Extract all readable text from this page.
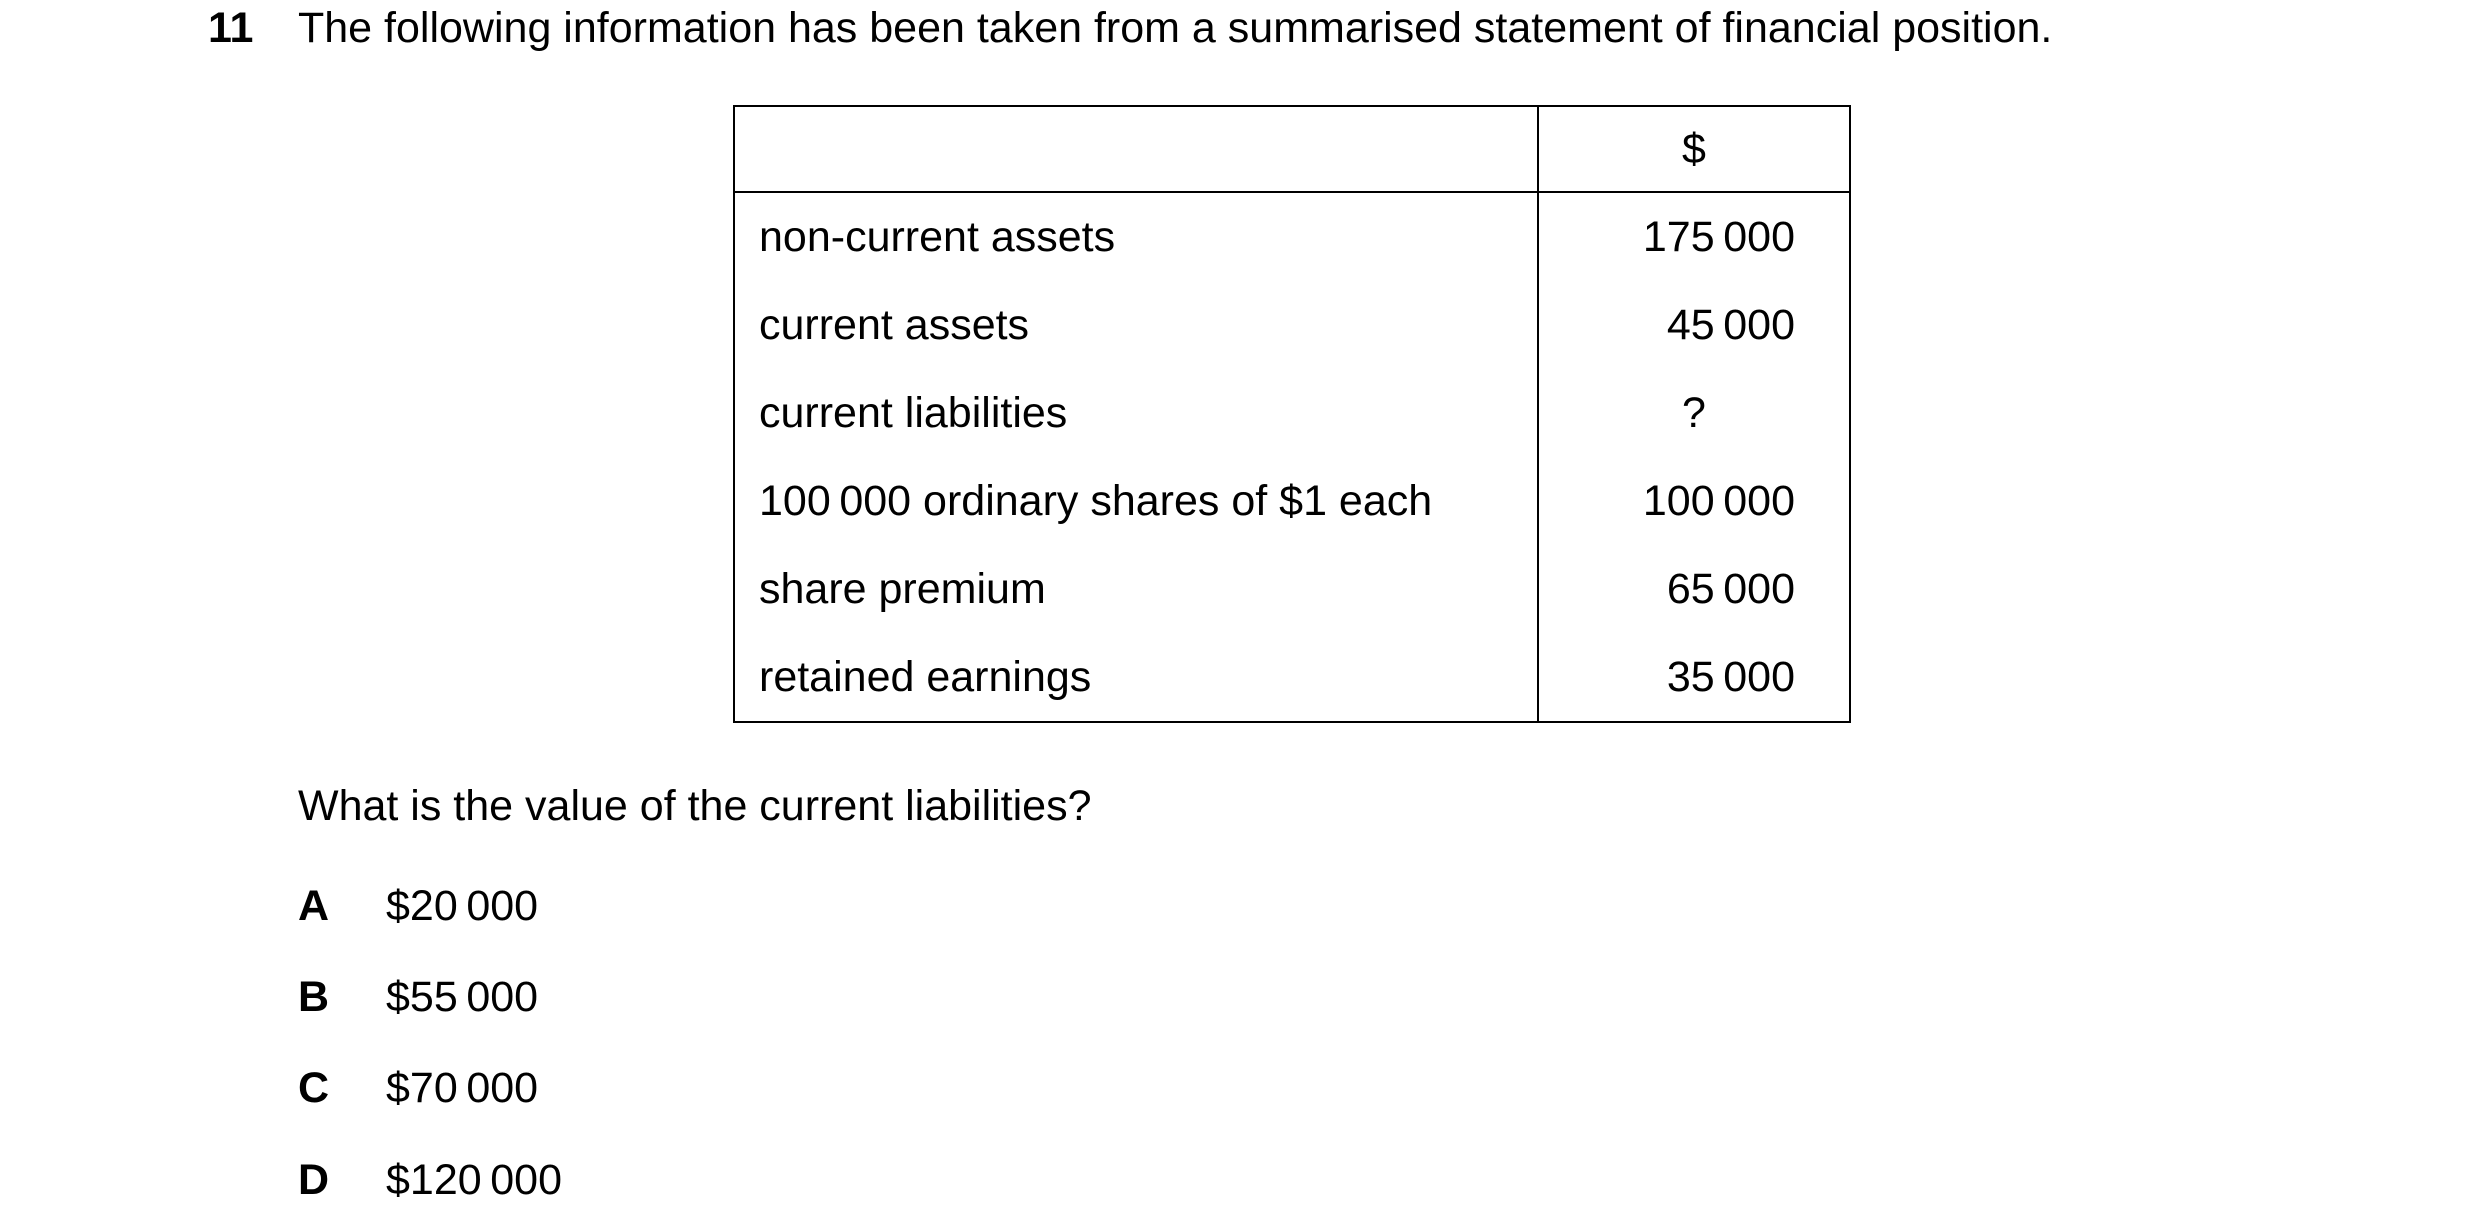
11 The following information has been taken from a summarised statement of financial position.
	$
non-current assets	175 000
current assets	45 000
current liabilities	?
100 000 ordinary shares of $1 each	100 000
share premium	65 000
retained earnings	35 000
What is the value of the current liabilities?
A $20 000
B $55 000
C $70 000
D $120 000
